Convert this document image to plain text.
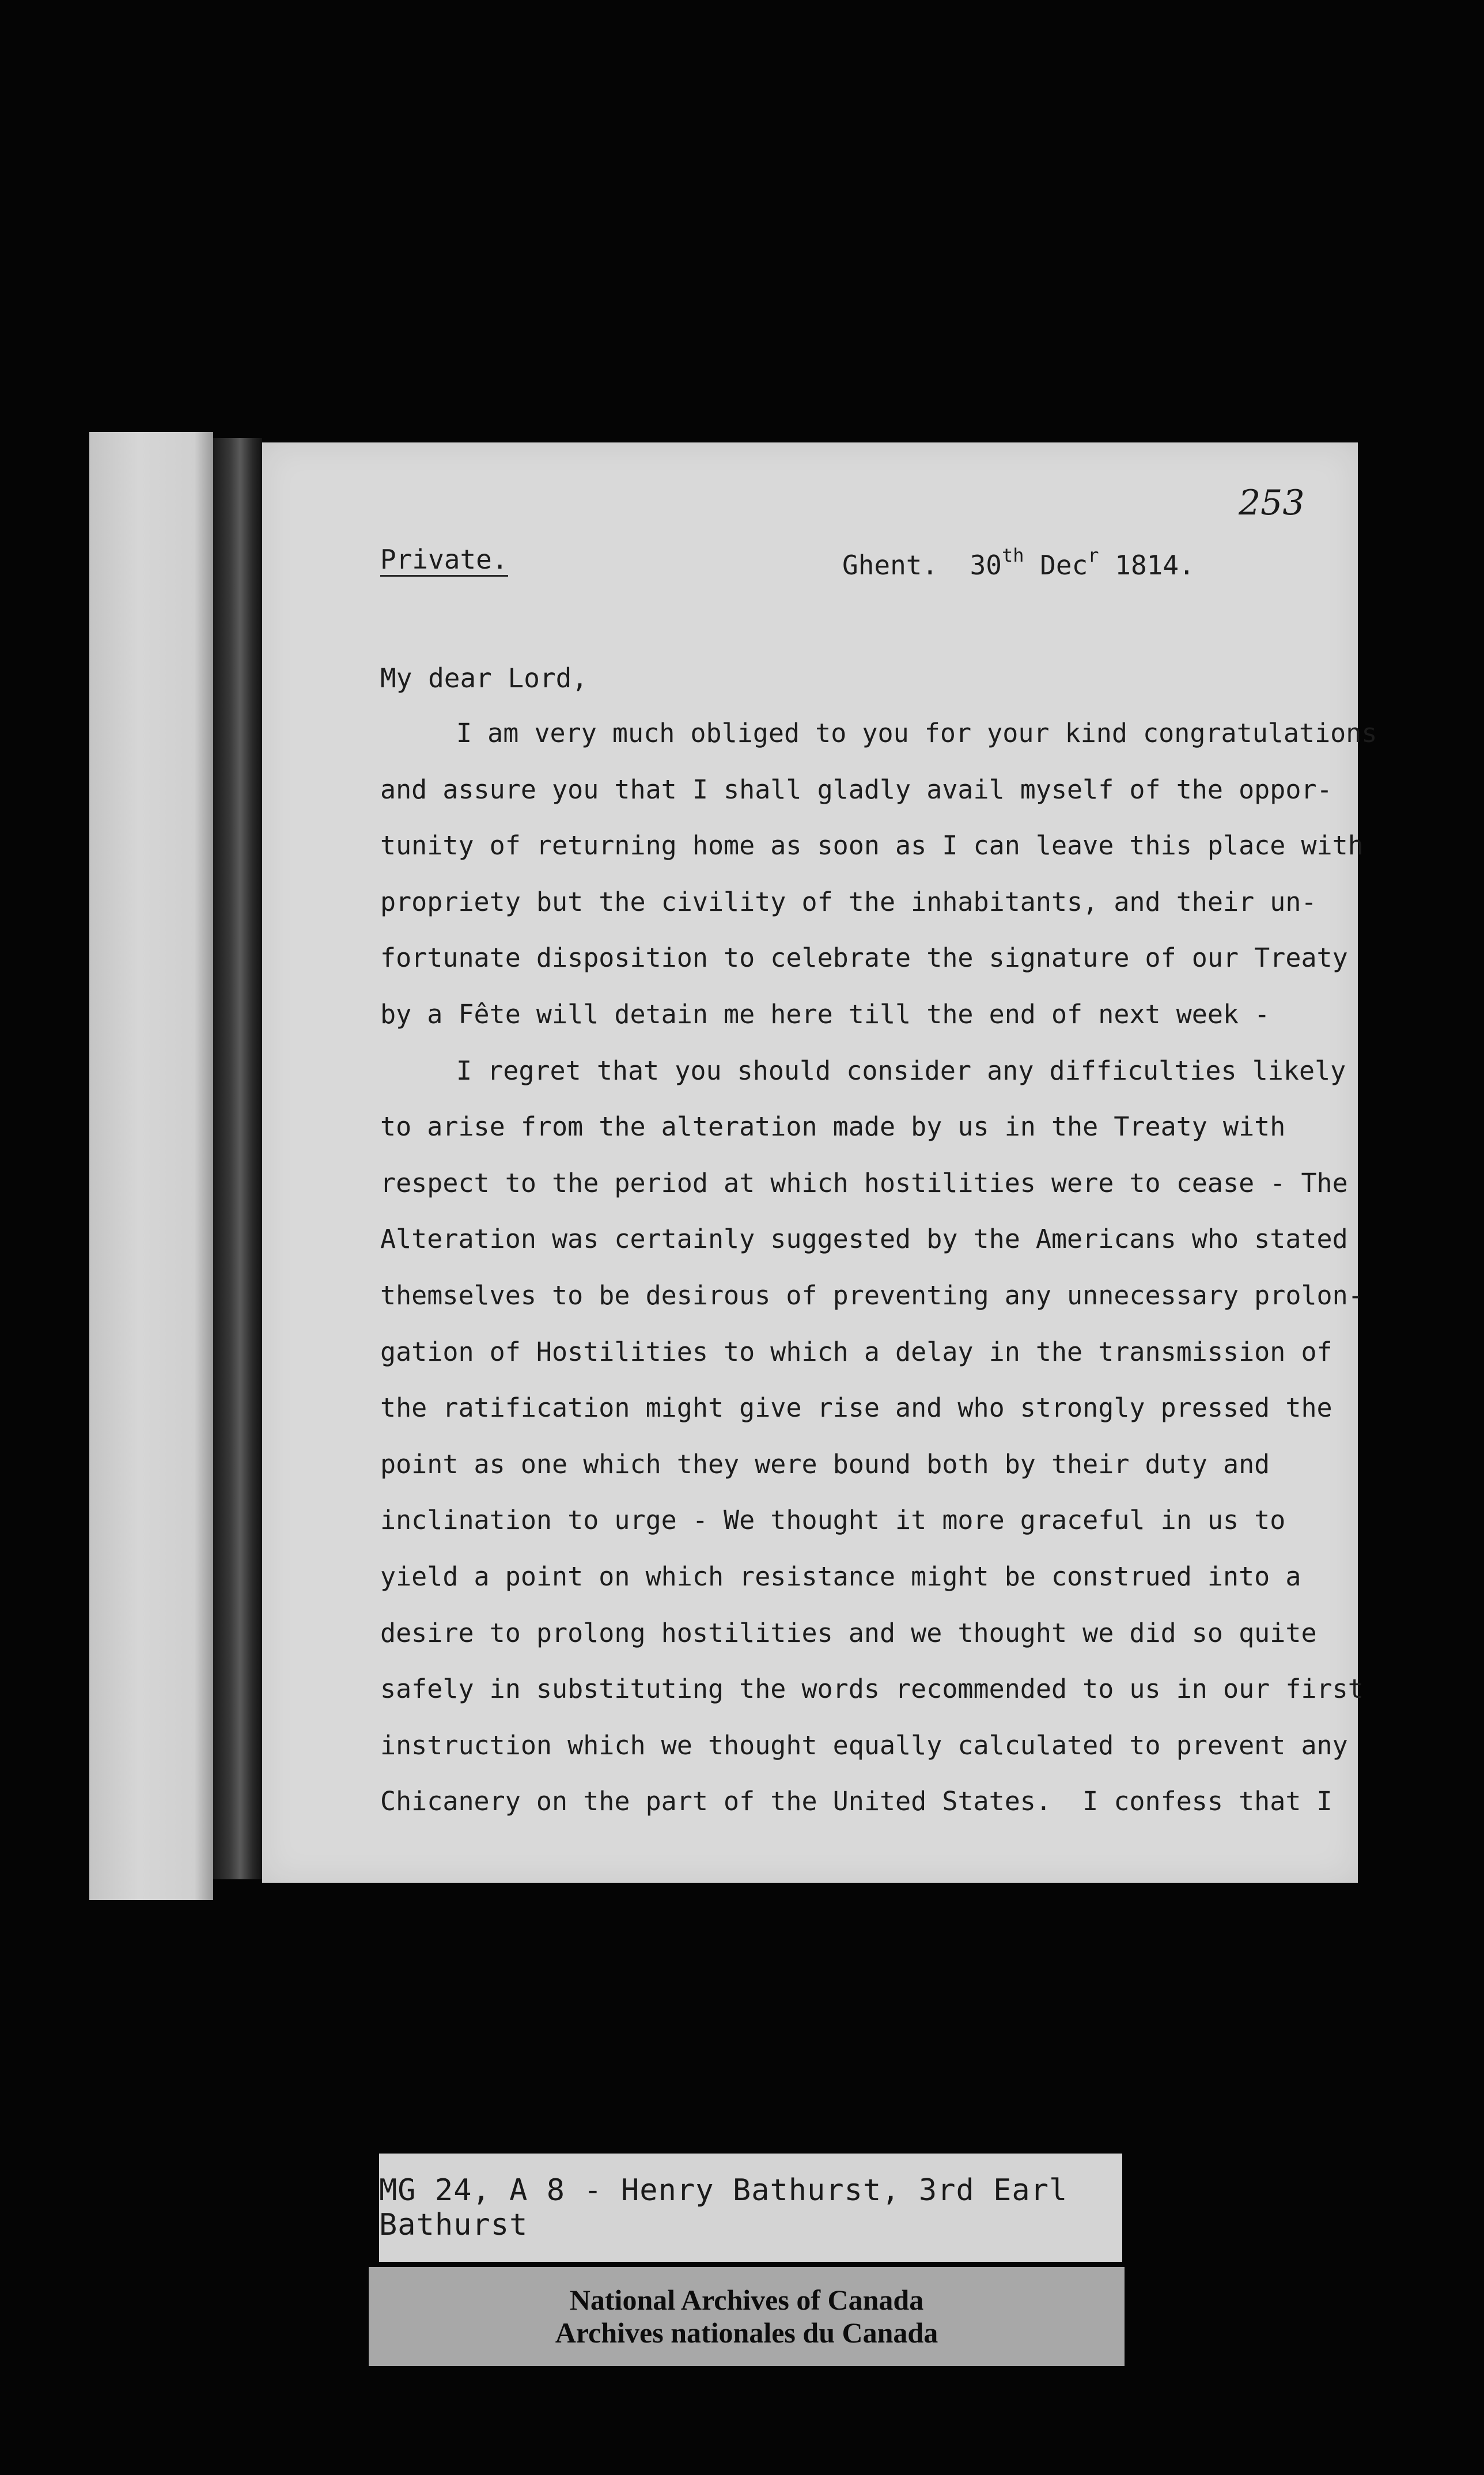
253
Private.	Ghent. 30th Dec$^r$ 1814.
My dear Lord,
I am very much obliged to you for your kind congratulations
and assure you that I shall gladly avail myself of the oppor-
tunity of returning home as soon as I can leave this place with
propriety but the civility of the inhabitants, and their un-
fortunate disposition to celebrate the signature of our Treaty
by a Fête will detain me here till the end of next week -
I regret that you should consider any difficulties likely
to arise from the alteration made by us in the Treaty with
respect to the period at which hostilities were to cease - The
Alteration was certainly suggested by the Americans who stated
themselves to be desirous of preventing any unnecessary prolon-
gation of Hostilities to which a delay in the transmission of
the ratification might give rise and who strongly pressed the
point as one which they were bound both by their duty and
inclination to urge - We thought it more graceful in us to
yield a point on which resistance might be construed into a
desire to prolong hostilities and we thought we did so quite
safely in substituting the words recommended to us in our first
instruction which we thought equally calculated to prevent any
Chicanery on the part of the United States.  I confess that I
MG 24, A 8 - Henry Bathurst, 3rd Earl Bathurst
National Archives of Canada
Archives nationales du Canada
